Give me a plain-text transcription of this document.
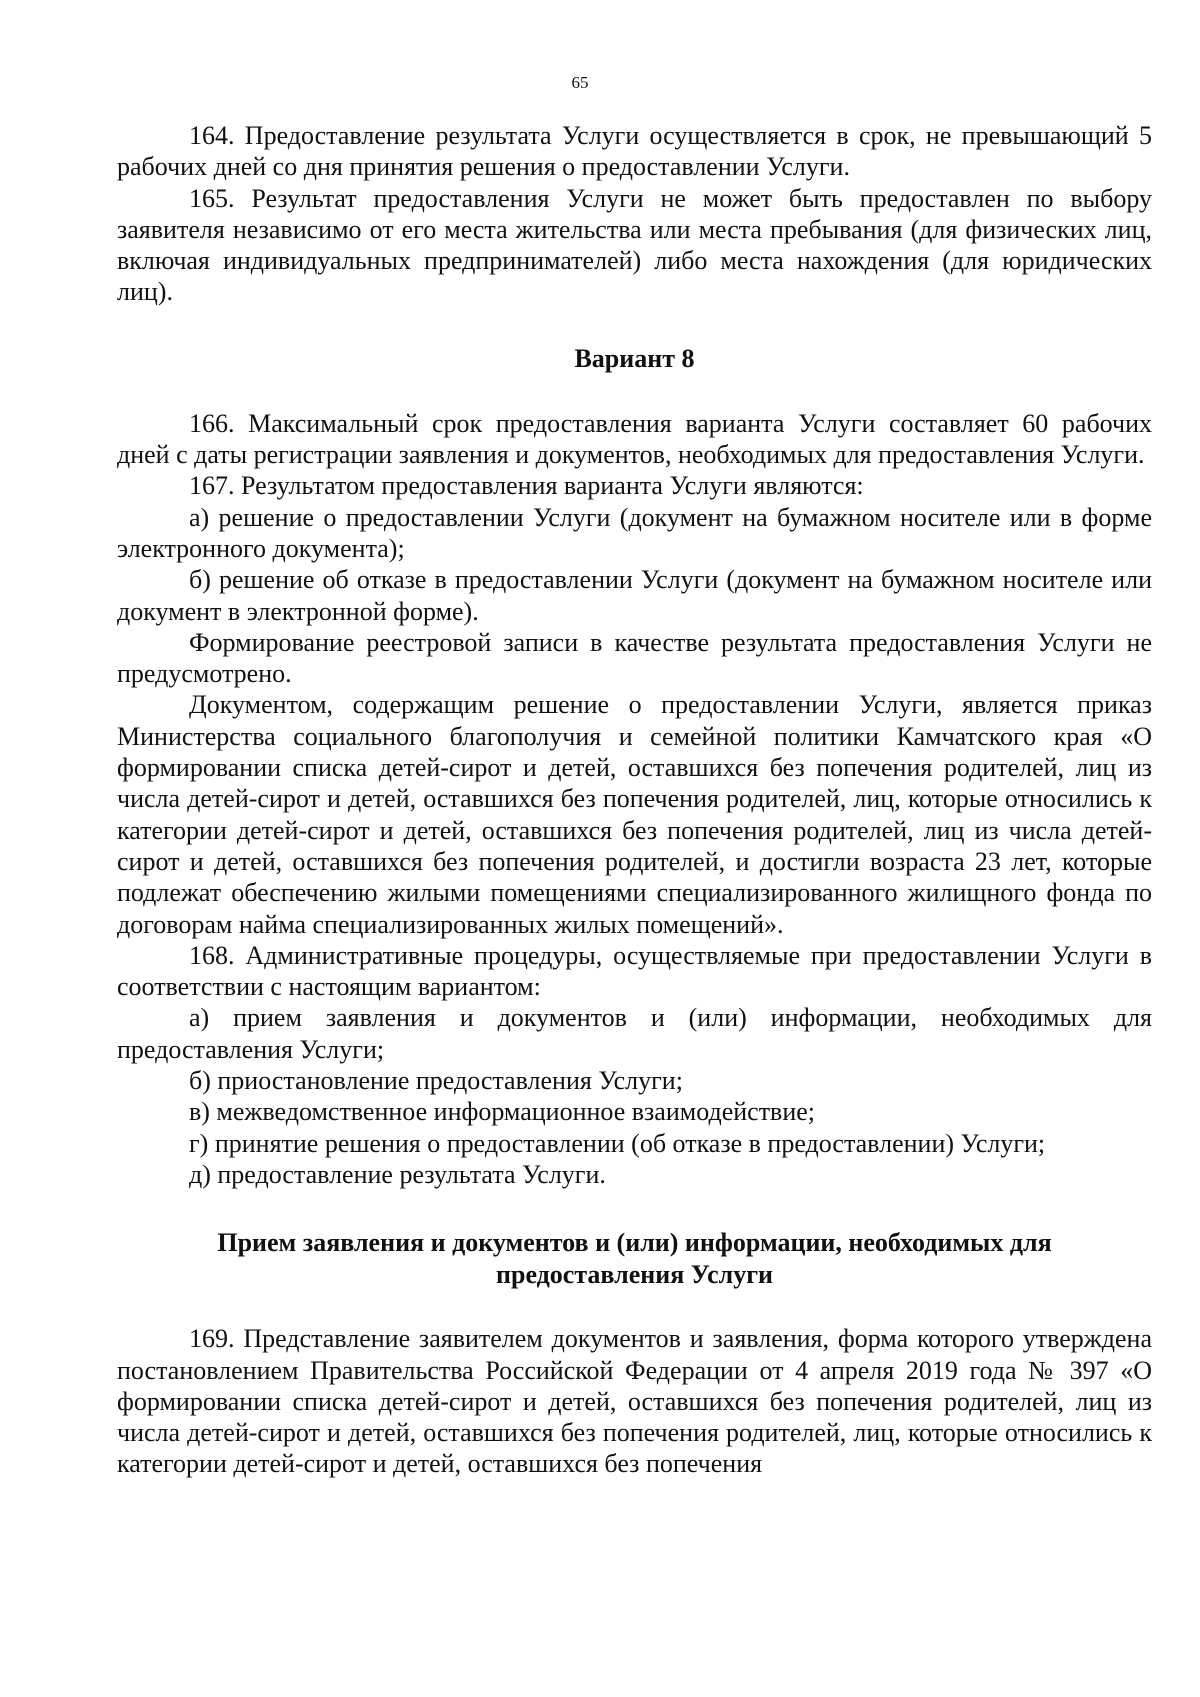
65

164. Предоставление результата Услуги осуществляется в срок, не превышающий 5 рабочих дней со дня принятия решения о предоставлении Услуги.

165. Результат предоставления Услуги не может быть предоставлен по выбору заявителя независимо от его места жительства или места пребывания (для физических лиц, включая индивидуальных предпринимателей) либо места нахождения (для юридических лиц).

Вариант 8

166. Максимальный срок предоставления варианта Услуги составляет 60 рабочих дней с даты регистрации заявления и документов, необходимых для предоставления Услуги.

167. Результатом предоставления варианта Услуги являются:

а) решение о предоставлении Услуги (документ на бумажном носителе или в форме электронного документа);

б) решение об отказе в предоставлении Услуги (документ на бумажном носителе или документ в электронной форме).

Формирование реестровой записи в качестве результата предоставления Услуги не предусмотрено.

Документом, содержащим решение о предоставлении Услуги, является приказ Министерства социального благополучия и семейной политики Камчатского края «О формировании списка детей-сирот и детей, оставшихся без попечения родителей, лиц из числа детей-сирот и детей, оставшихся без попечения родителей, лиц, которые относились к категории детей-сирот и детей, оставшихся без попечения родителей, лиц из числа детей-сирот и детей, оставшихся без попечения родителей, и достигли возраста 23 лет, которые подлежат обеспечению жилыми помещениями специализированного жилищного фонда по договорам найма специализированных жилых помещений».

168. Административные процедуры, осуществляемые при предоставлении Услуги в соответствии с настоящим вариантом:

а) прием заявления и документов и (или) информации, необходимых для предоставления Услуги;

б) приостановление предоставления Услуги;

в) межведомственное информационное взаимодействие;

г) принятие решения о предоставлении (об отказе в предоставлении) Услуги;

д) предоставление результата Услуги.

Прием заявления и документов и (или) информации, необходимых для
предоставления Услуги

169. Представление заявителем документов и заявления, форма которого утверждена постановлением Правительства Российской Федерации от 4 апреля 2019 года № 397 «О формировании списка детей-сирот и детей, оставшихся без попечения родителей, лиц из числа детей-сирот и детей, оставшихся без попечения родителей, лиц, которые относились к категории детей-сирот и детей, оставшихся без попечения
